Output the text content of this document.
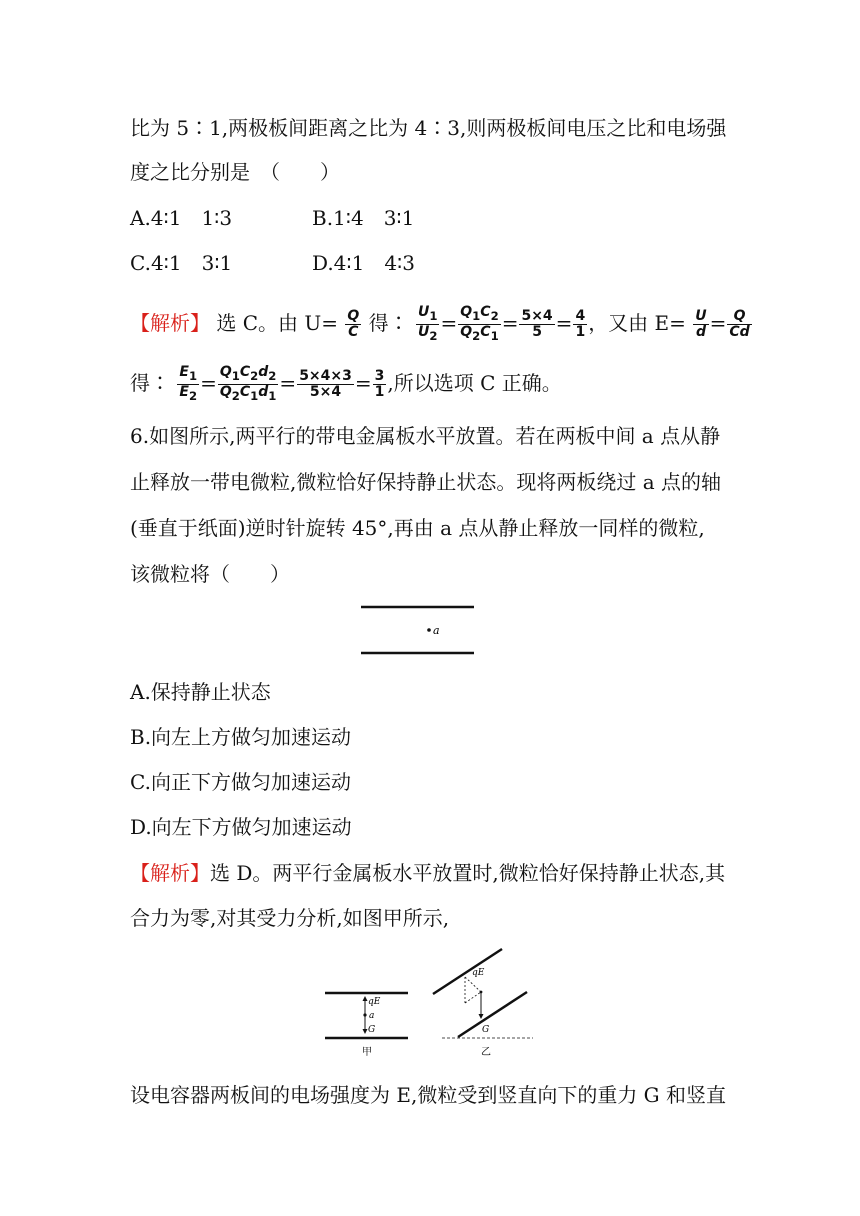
比为 5∶1,两极板间距离之比为 4∶3,则两极板间电压之比和电场强
度之比分别是　（　　）
A.4∶1　1∶3	B.1∶4　3∶1
C.4∶1　3∶1	D.4∶1　4∶3
【解析】 选 C。由 $U= \frac{Q}{C}$ 得∶ $\frac{U_1}{U_2} = \frac{Q_1C_2}{Q_2C_1} = \frac{5\times 4}{5} = \frac{4}{1}$ ，又由 $E= \frac{U}{d} = \frac{Q}{Cd}$
得∶ $\frac{E_1}{E_2} = \frac{Q_1C_2d_2}{Q_2C_1d_1} = \frac{5\times 4\times 3}{5\times 4} = \frac{3}{1}$ ,所以选项 C 正确。
6.如图所示,两平行的带电金属板水平放置。若在两板中间 a 点从静
止释放一带电微粒,微粒恰好保持静止状态。现将两板绕过 a 点的轴
(垂直于纸面)逆时针旋转 45°,再由 a 点从静止释放一同样的微粒,
该微粒将（　　）
a
A.保持静止状态
B.向左上方做匀加速运动
C.向正下方做匀加速运动
D.向左下方做匀加速运动
【解析】选 D。两平行金属板水平放置时,微粒恰好保持静止状态,其
合力为零,对其受力分析,如图甲所示,
qE
a
G
甲
qE
G
乙
设电容器两板间的电场强度为 E,微粒受到竖直向下的重力 G 和竖直
